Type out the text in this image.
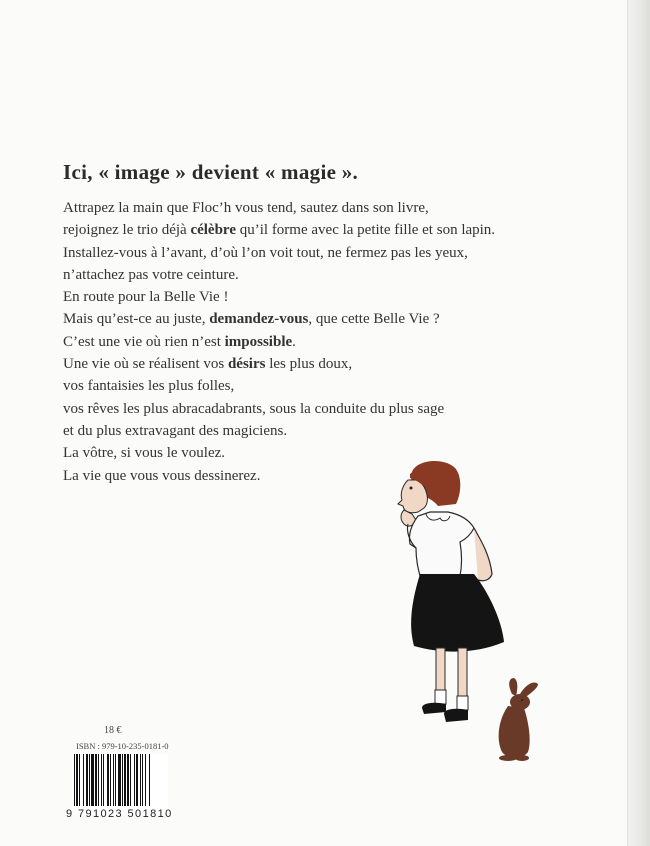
Ici, « image » devient « magie ».
Attrapez la main que Floc’h vous tend, sautez dans son livre,
rejoignez le trio déjà célèbre qu’il forme avec la petite fille et son lapin.
Installez-vous à l’avant, d’où l’on voit tout, ne fermez pas les yeux,
n’attachez pas votre ceinture.
En route pour la Belle Vie !
Mais qu’est-ce au juste, demandez-vous, que cette Belle Vie ?
C’est une vie où rien n’est impossible.
Une vie où se réalisent vos désirs les plus doux,
vos fantaisies les plus folles,
vos rêves les plus abracadabrants, sous la conduite du plus sage
et du plus extravagant des magiciens.
La vôtre, si vous le voulez.
La vie que vous vous dessinerez.
18 €
ISBN : 979-10-235-0181-0
9 791023 501810
